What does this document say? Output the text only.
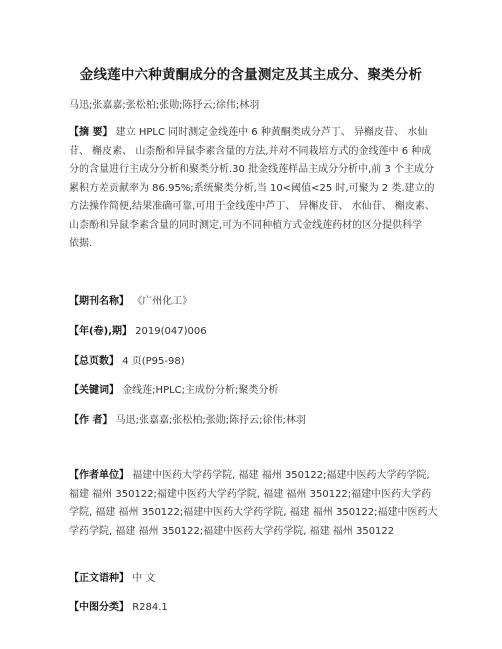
金线莲中六种黄酮成分的含量测定及其主成分、聚类分析
马迅;张嘉嘉;张松柏;张勋;陈抒云;徐伟;林羽
【摘 要】 建立 HPLC 同时测定金线莲中 6 种黄酮类成分芦丁、 异槲皮苷、 水仙
苷、 槲皮素、 山柰酚和异鼠李素含量的方法,并对不同栽培方式的金线莲中 6 种成
分的含量进行主成分分析和聚类分析.30 批金线莲样品主成分分析中,前 3 个主成分
累积方差贡献率为 86.95%;系统聚类分析,当 10<阈值<25 时,可聚为 2 类.建立的
方法操作简便,结果准确可靠,可用于金线莲中芦丁、 异槲皮苷、 水仙苷、 槲皮素、
山柰酚和异鼠李素含量的同时测定,可为不同种植方式金线莲药材的区分提供科学
依据.
【期刊名称】 《广州化工》
【年(卷),期】 2019(047)006
【总页数】 4 页(P95-98)
【关键词】 金线莲;HPLC;主成份分析;聚类分析
【作 者】 马迅;张嘉嘉;张松柏;张勋;陈抒云;徐伟;林羽
【作者单位】 福建中医药大学药学院, 福建 福州 350122;福建中医药大学药学院,
福建 福州 350122;福建中医药大学药学院, 福建 福州 350122;福建中医药大学药
学院, 福建 福州 350122;福建中医药大学药学院, 福建 福州 350122;福建中医药大
学药学院, 福建 福州 350122;福建中医药大学药学院, 福建 福州 350122
【正文语种】 中 文
【中图分类】 R284.1
